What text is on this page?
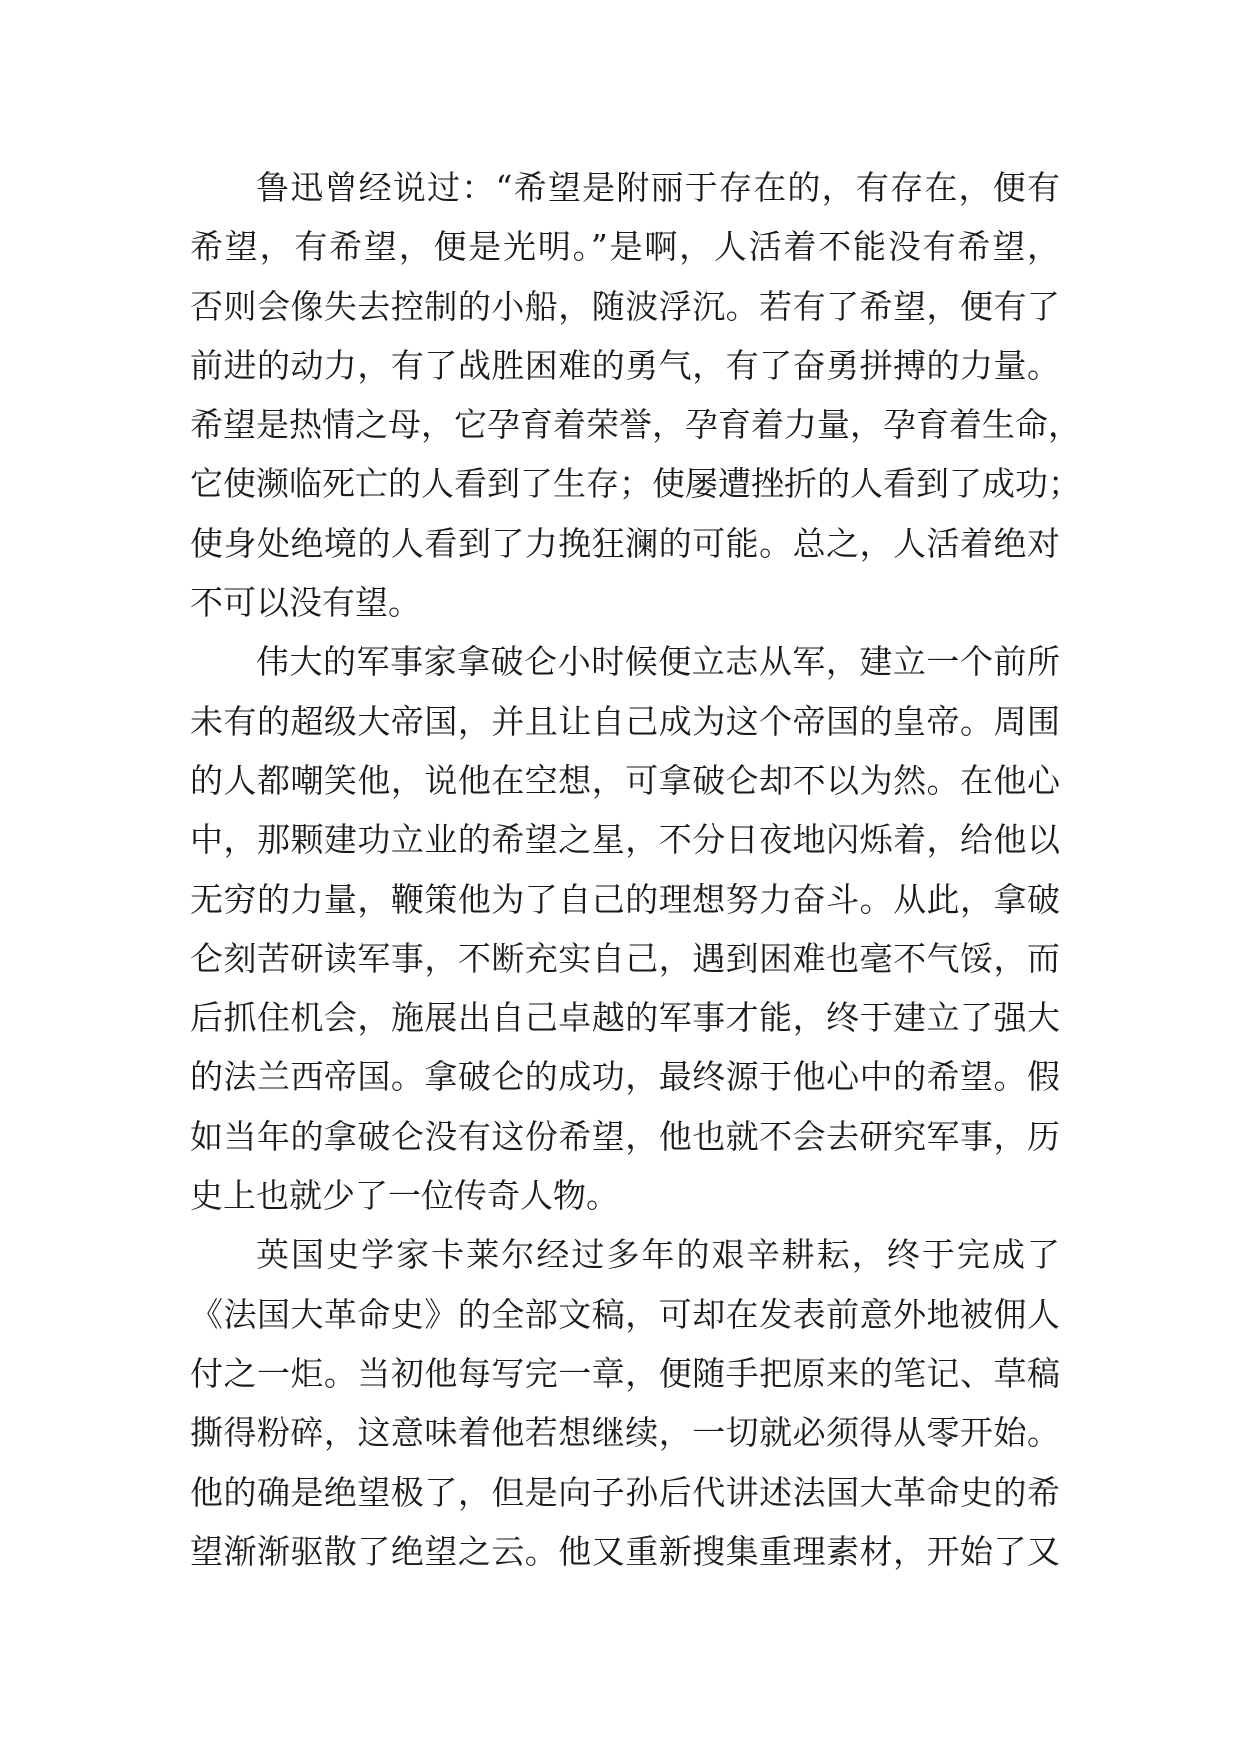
鲁迅曾经说过：“希望是附丽于存在的，有存在，便有
希望，有希望，便是光明。”是啊，人活着不能没有希望，
否则会像失去控制的小船，随波浮沉。若有了希望，便有了
前进的动力，有了战胜困难的勇气，有了奋勇拼搏的力量。
希望是热情之母，它孕育着荣誉，孕育着力量，孕育着生命，
它使濒临死亡的人看到了生存；使屡遭挫折的人看到了成功；
使身处绝境的人看到了力挽狂澜的可能。总之，人活着绝对
不可以没有望。
伟大的军事家拿破仑小时候便立志从军，建立一个前所
未有的超级大帝国，并且让自己成为这个帝国的皇帝。周围
的人都嘲笑他，说他在空想，可拿破仑却不以为然。在他心
中，那颗建功立业的希望之星，不分日夜地闪烁着，给他以
无穷的力量，鞭策他为了自己的理想努力奋斗。从此，拿破
仑刻苦研读军事，不断充实自己，遇到困难也毫不气馁，而
后抓住机会，施展出自己卓越的军事才能，终于建立了强大
的法兰西帝国。拿破仑的成功，最终源于他心中的希望。假
如当年的拿破仑没有这份希望，他也就不会去研究军事，历
史上也就少了一位传奇人物。
英国史学家卡莱尔经过多年的艰辛耕耘，终于完成了
《法国大革命史》的全部文稿，可却在发表前意外地被佣人
付之一炬。当初他每写完一章，便随手把原来的笔记、草稿
撕得粉碎，这意味着他若想继续，一切就必须得从零开始。
他的确是绝望极了，但是向子孙后代讲述法国大革命史的希
望渐渐驱散了绝望之云。他又重新搜集重理素材，开始了又
